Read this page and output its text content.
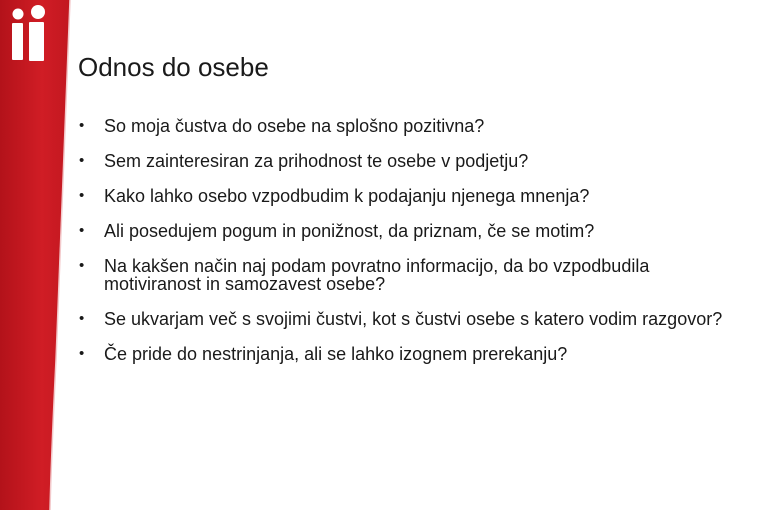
Odnos do osebe
• So moja čustva do osebe na splošno pozitivna?
• Sem zainteresiran za prihodnost te osebe v podjetju?
• Kako lahko osebo vzpodbudim k podajanju njenega mnenja?
• Ali posedujem pogum in ponižnost, da priznam, če se motim?
• Na kakšen način naj podam povratno informacijo, da bo vzpodbudila motiviranost in samozavest osebe?
• Se ukvarjam več s svojimi čustvi, kot s čustvi osebe s katero vodim razgovor?
• Če pride do nestrinjanja, ali se lahko izognem prerekanju?
